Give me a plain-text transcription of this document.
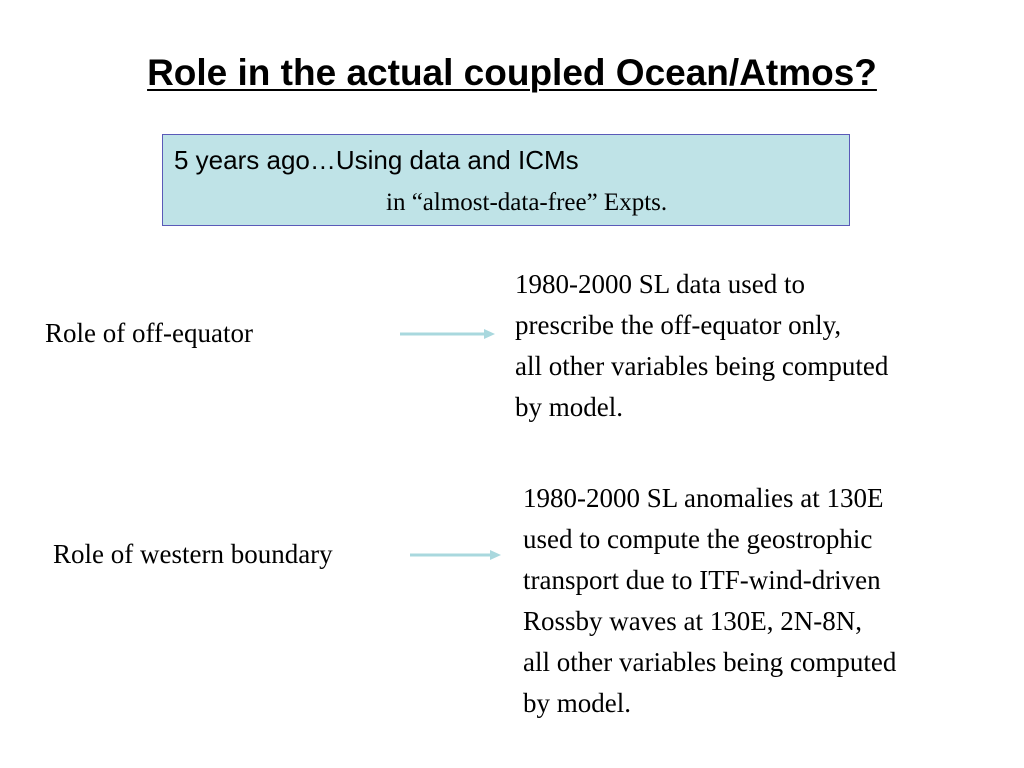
Role in the actual coupled Ocean/Atmos?
5 years ago…Using data and ICMs
in “almost-data-free” Expts.
Role of off-equator
1980-2000 SL data used to
prescribe the off-equator only,
all other variables being computed
by model.
Role of western boundary
1980-2000 SL anomalies at 130E
used to compute the geostrophic
transport due to ITF-wind-driven
Rossby waves at 130E, 2N-8N,
all other variables being computed
by model.
